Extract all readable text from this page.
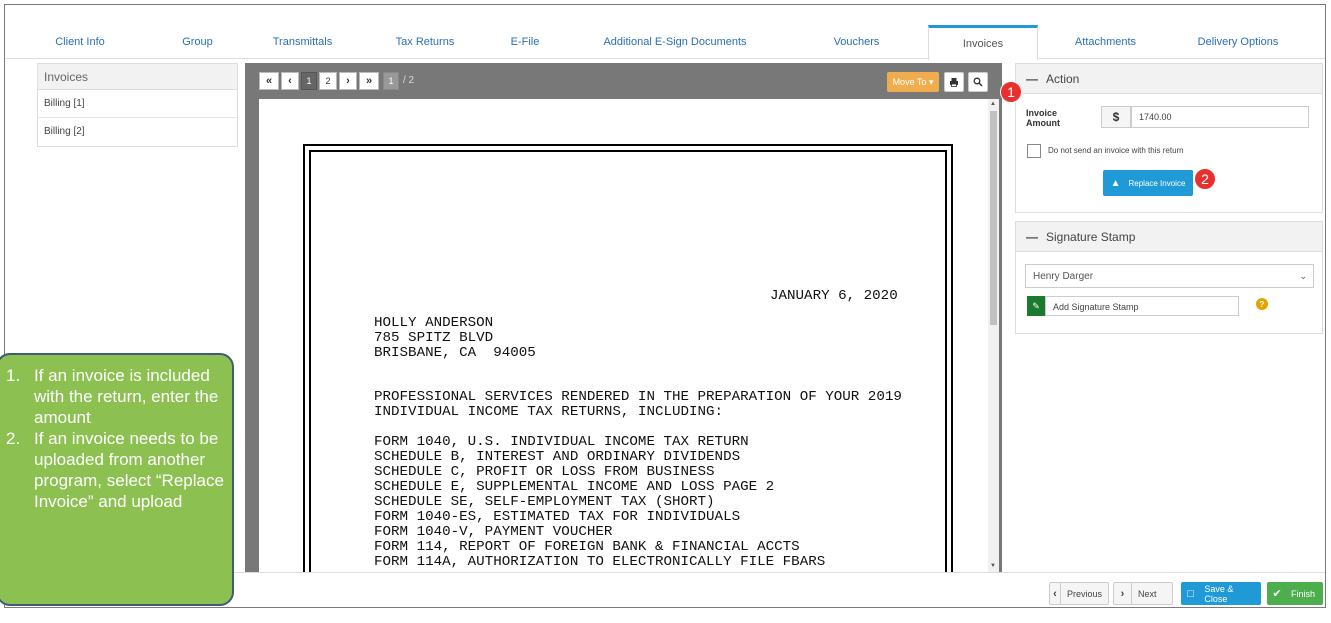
Client Info	Group	Transmittals	Tax Returns	E-File	Additional E-Sign Documents	Vouchers	Invoices	Attachments	Delivery Options
Invoices
Billing [1]
Billing [2]
«	‹	1	2	›	»	1 / 2	Move To ▾

JANUARY 6, 2020

HOLLY ANDERSON

785 SPITZ BLVD

BRISBANE, CA  94005

PROFESSIONAL SERVICES RENDERED IN THE PREPARATION OF YOUR 2019

INDIVIDUAL INCOME TAX RETURNS, INCLUDING:

FORM 1040, U.S. INDIVIDUAL INCOME TAX RETURN

SCHEDULE B, INTEREST AND ORDINARY DIVIDENDS

SCHEDULE C, PROFIT OR LOSS FROM BUSINESS

SCHEDULE E, SUPPLEMENTAL INCOME AND LOSS PAGE 2

SCHEDULE SE, SELF-EMPLOYMENT TAX (SHORT)

FORM 1040-ES, ESTIMATED TAX FOR INDIVIDUALS

FORM 1040-V, PAYMENT VOUCHER

FORM 114, REPORT OF FOREIGN BANK & FINANCIAL ACCTS

FORM 114A, AUTHORIZATION TO ELECTRONICALLY FILE FBARS

▲
▼
— Action
Invoice
Amount	$	1740.00
Do not send an invoice with this return
▲ Replace Invoice
— Signature Stamp
Henry Darger	⌄
✎	Add Signature Stamp	?
1
2
‹	Previous	›	Next	□	Save & Close	✔	Finish
1. If an invoice is included with the return, enter the amount
2. If an invoice needs to be uploaded from another program, select “Replace Invoice” and upload
